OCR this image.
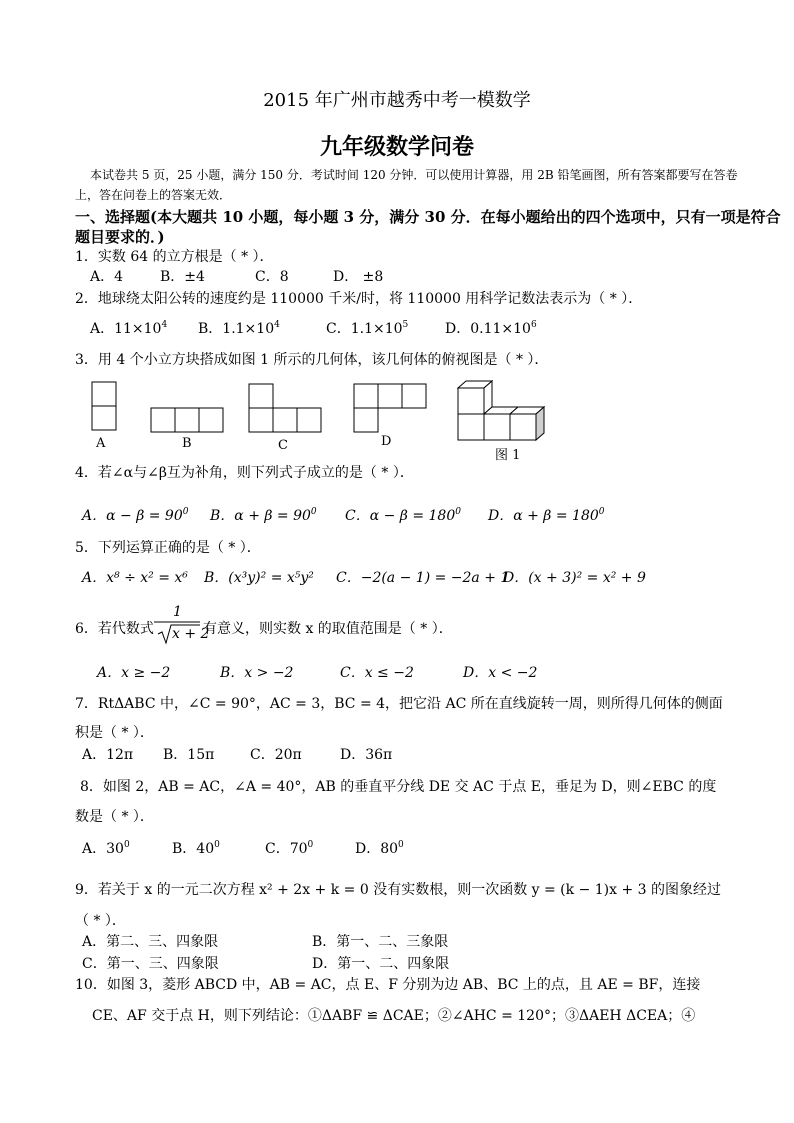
2015 年广州市越秀中考一模数学
九年级数学问卷
本试卷共 5 页，25 小题，满分 150 分．考试时间 120 分钟．可以使用计算器，用 2B 铅笔画图，所有答案都要写在答卷
上，答在问卷上的答案无效．
一、选择题(本大题共 10 小题，每小题 3 分，满分 30 分．在每小题给出的四个选项中，只有一项是符合
题目要求的．)
1．实数 64 的立方根是（ * ）．
A．4	B．±4	C．8	D． ±8
2．地球绕太阳公转的速度约是 110000 千米/时，将 110000 用科学记数法表示为（ * ）．
A．$11\times 10^4$ B．$1.1\times 10^4$	C．$1.1\times 10^5$	D．$0.11\times 10^6$
3．用 4 个小立方块搭成如图 1 所示的几何体，该几何体的俯视图是（ * ）．
A	B	C	D
图 1
4．若∠α与∠β互为补角，则下列式子成立的是（ * ）．
A．$\alpha - \beta = 90^0$ B．$\alpha + \beta = 90^0$ C．$\alpha - \beta = 180^0$ D．$\alpha + \beta = 180^0$
5．下列运算正确的是（ * ）．
A．x⁸ ÷ x² = x⁶ B．(x³y)² = x⁵y² C．−2(a − 1) = −2a + 1
D．(x + 3)² = x² + 9
6．若代数式
1
x + 2
有意义，则实数 x 的取值范围是（ * ）．
A．x ≥ −2	B．x > −2	C．x ≤ −2	D．x < −2
7．RtΔABC 中，∠C = 90°，AC = 3，BC = 4，把它沿 AC 所在直线旋转一周，则所得几何体的侧面
积是（ * ）．
A．12π B．15π	C．20π	D．36π
8．如图 2，AB = AC，∠A = 40°，AB 的垂直平分线 DE 交 AC 于点 E，垂足为 D，则∠EBC 的度
数是（ * ）．
A．$30^0$	B．$40^0$	C．$70^0$	D．$80^0$
9．若关于 x 的一元二次方程 x² + 2x + k = 0 没有实数根，则一次函数 y = (k − 1)x + 3 的图象经过
（ * ）．
A．第二、三、四象限	B．第一、二、三象限
C．第一、三、四象限	D．第一、二、四象限
10．如图 3，菱形 ABCD 中，AB = AC，点 E、F 分别为边 AB、BC 上的点，且 AE = BF，连接
CE、AF 交于点 H，则下列结论：①ΔABF ≌ ΔCAE；②∠AHC = 120°；③ΔAEH ΔCEA；④
